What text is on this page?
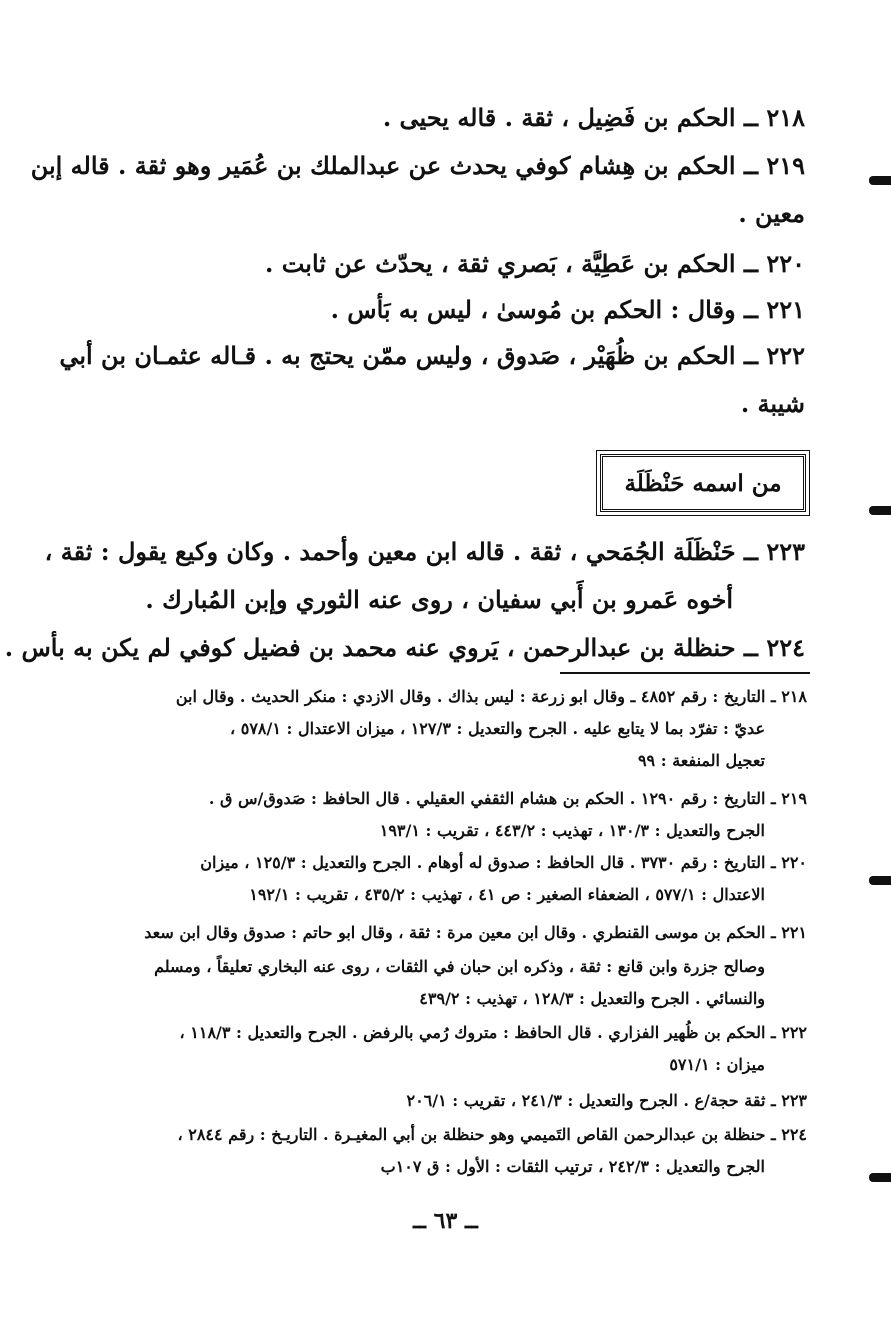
٢١٨ ــ الحكم بن فَضِيل ، ثقة . قاله يحيى .
٢١٩ ــ الحكم بن هِشام كوفي يحدث عن عبدالملك بن عُمَير وهو ثقة . قاله إبن
معين .
٢٢٠ ــ الحكم بن عَطِيَّة ، بَصري ثقة ، يحدّث عن ثابت .
٢٢١ ــ وقال : الحكم بن مُوسىٰ ، ليس به بَأس .
٢٢٢ ــ الحكم بن ظُهَيْر ، صَدوق ، وليس ممّن يحتج به . قـاله عثمـان بن أبي
شيبة .
من اسمه حَنْظَلَة
٢٢٣ ــ حَنْظَلَة الجُمَحي ، ثقة . قاله ابن معين وأحمد . وكان وكيع يقول : ثقة ،
أخوه عَمرو بن أَبي سفيان ، روى عنه الثوري وإبن المُبارك .
٢٢٤ ــ حنظلة بن عبدالرحمن ، يَروي عنه محمد بن فضيل كوفي لم يكن به بأس .
٢١٨ ـ التاريخ : رقم ٤٨٥٢ ـ وقال ابو زرعة : ليس بذاك . وقال الازدي : منكر الحديث . وقال ابن
عديّ : تفرّد بما لا يتابع عليه . الجرح والتعديل : ١٢٧/٣ ، ميزان الاعتدال : ٥٧٨/١ ،
تعجيل المنفعة : ٩٩
٢١٩ ـ التاريخ : رقم ١٢٩٠ . الحكم بن هشام الثقفي العقيلي . قال الحافظ : صَدوق/س ق .
الجرح والتعديل : ١٣٠/٣ ، تهذيب : ٤٤٣/٢ ، تقريب : ١٩٣/١
٢٢٠ ـ التاريخ : رقم ٣٧٣٠ . قال الحافظ : صدوق له أوهام . الجرح والتعديل : ١٢٥/٣ ، ميزان
الاعتدال : ٥٧٧/١ ، الضعفاء الصغير : ص ٤١ ، تهذيب : ٤٣٥/٢ ، تقريب : ١٩٢/١
٢٢١ ـ الحكم بن موسى القنطري . وقال ابن معين مرة : ثقة ، وقال ابو حاتم : صدوق وقال ابن سعد
وصالح جزرة وابن قانع : ثقة ، وذكره ابن حبان في الثقات ، روى عنه البخاري تعليقاً ، ومسلم
والنسائي . الجرح والتعديل : ١٢٨/٣ ، تهذيب : ٤٣٩/٢
٢٢٢ ـ الحكم بن ظُهير الفزاري . قال الحافظ : متروك رُمي بالرفض . الجرح والتعديل : ١١٨/٣ ،
ميزان : ٥٧١/١
٢٢٣ ـ ثقة حجة/ع . الجرح والتعديل : ٢٤١/٣ ، تقريب : ٢٠٦/١
٢٢٤ ـ حنظلة بن عبدالرحمن القاص التَميمي وهو حنظلة بن أبي المغيـرة . التاريـخ : رقم ٢٨٤٤ ،
الجرح والتعديل : ٢٤٢/٣ ، ترتيب الثقات : الأول : ق ١٠٧ب
ــ ٦٣ ــ
